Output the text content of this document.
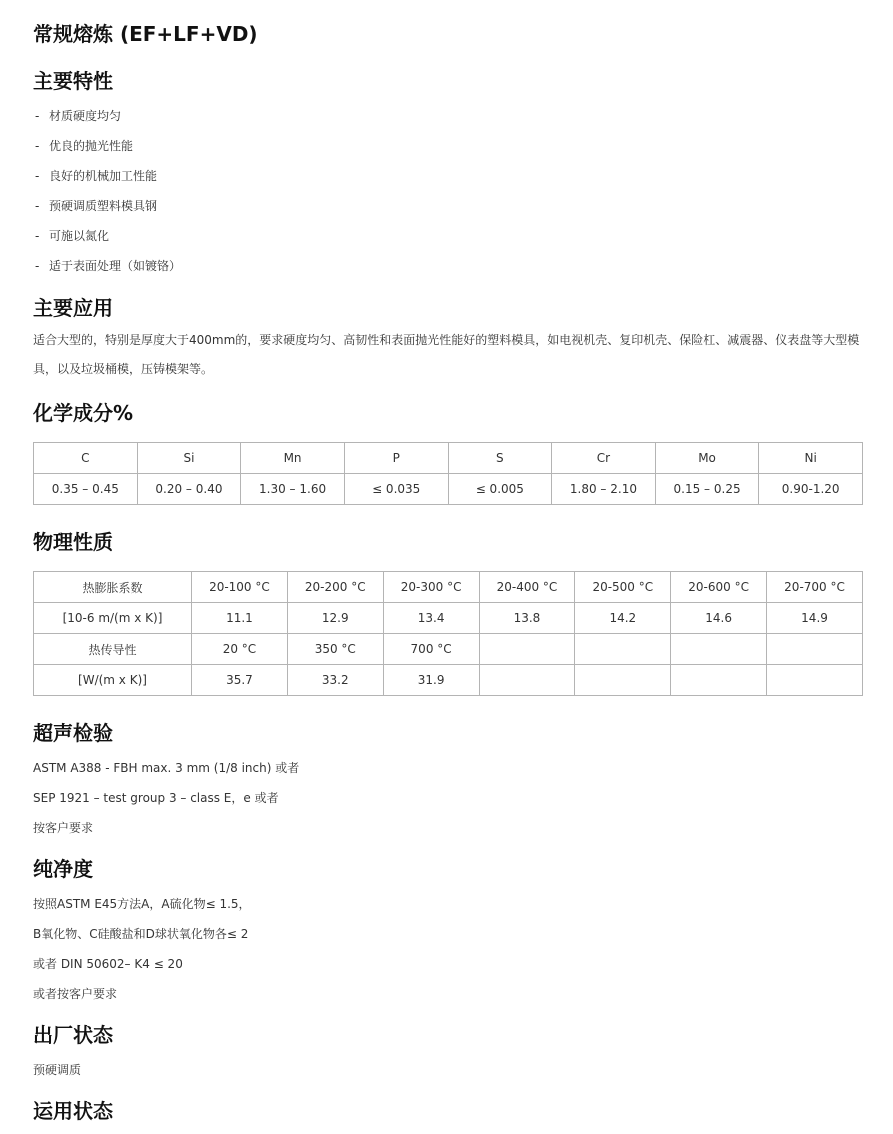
常规熔炼 (EF+LF+VD)
主要特性
- 材质硬度均匀
- 优良的抛光性能
- 良好的机械加工性能
- 预硬调质塑料模具钢
- 可施以氮化
- 适于表面处理（如镀铬）
主要应用
适合大型的，特别是厚度大于400mm的，要求硬度均匀、高韧性和表面抛光性能好的塑料模具，如电视机壳、复印机壳、保险杠、减震器、仪表盘等大型模具，以及垃圾桶模，压铸模架等。
化学成分%
C	Si	Mn	P	S	Cr	Mo	Ni
0.35 – 0.45	0.20 – 0.40	1.30 – 1.60	≤ 0.035	≤ 0.005	1.80 – 2.10	0.15 – 0.25	0.90-1.20
物理性质
热膨胀系数	20-100 °C	20-200 °C	20-300 °C	20-400 °C	20-500 °C	20-600 °C	20-700 °C
[10-6 m/(m x K)]	11.1	12.9	13.4	13.8	14.2	14.6	14.9
热传导性	20 °C	350 °C	700 °C				
[W/(m x K)]	35.7	33.2	31.9				
超声检验
ASTM A388 - FBH max. 3 mm (1/8 inch) 或者
SEP 1921 – test group 3 – class E，e 或者
按客户要求
纯净度
按照ASTM E45方法A，A硫化物≤ 1.5，
B氧化物、C硅酸盐和D球状氧化物各≤ 2
或者 DIN 50602– K4 ≤ 20
或者按客户要求
出厂状态
预硬调质
运用状态
